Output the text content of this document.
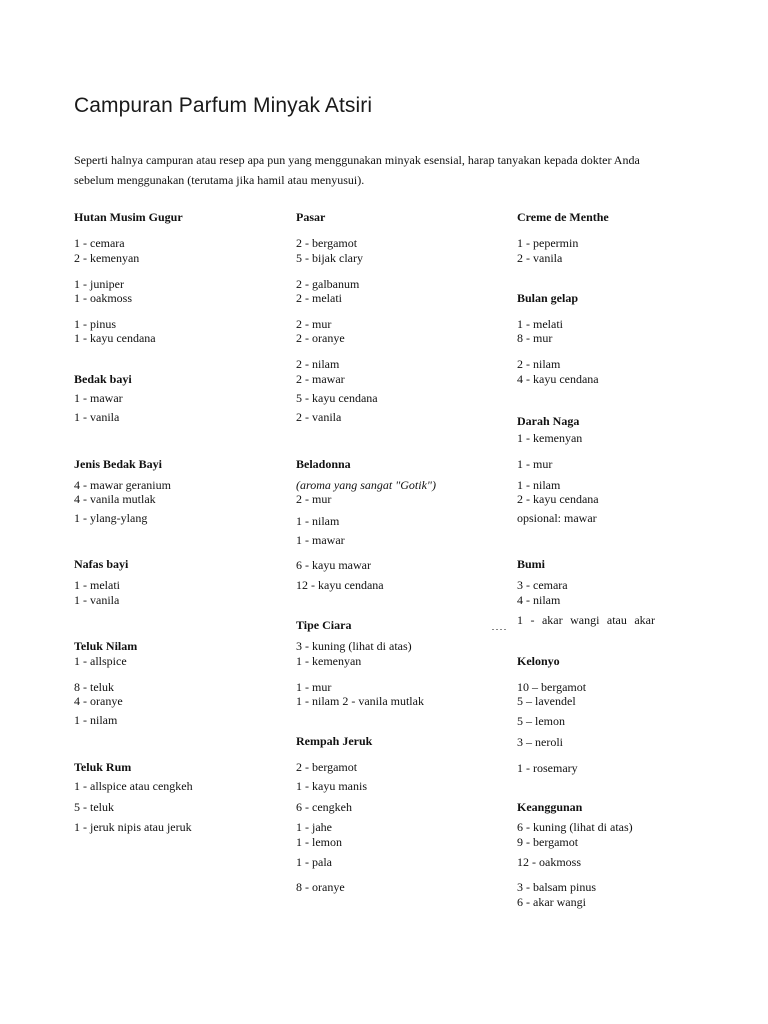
Campuran Parfum Minyak Atsiri

Seperti halnya campuran atau resep apa pun yang menggunakan minyak esensial, harap tanyakan kepada dokter Anda

sebelum menggunakan (terutama jika hamil atau menyusui).

Hutan Musim Gugur
1 - cemara
2 - kemenyan
1 - juniper
1 - oakmoss
1 - pinus
1 - kayu cendana
Bedak bayi
1 - mawar
1 - vanila
Jenis Bedak Bayi
4 - mawar geranium
4 - vanila mutlak
1 - ylang-ylang
Nafas bayi
1 - melati
1 - vanila
Teluk Nilam
1 - allspice
8 - teluk
4 - oranye
1 - nilam
Teluk Rum
1 - allspice atau cengkeh
5 - teluk
1 - jeruk nipis atau jeruk
Pasar
2 - bergamot
5 - bijak clary
2 - galbanum
2 - melati
2 - mur
2 - oranye
2 - nilam
2 - mawar
5 - kayu cendana
2 - vanila
Beladonna
(aroma yang sangat "Gotik")
2 - mur
1 - nilam
1 - mawar
6 - kayu mawar
12 - kayu cendana
Tipe Ciara
3 - kuning (lihat di atas)
1 - kemenyan
1 - mur
1 - nilam 2 - vanila mutlak
Rempah Jeruk
2 - bergamot
1 - kayu manis
6 - cengkeh
1 - jahe
1 - lemon
1 - pala
8 - oranye
Creme de Menthe
1 - pepermin
2 - vanila
Bulan gelap
1 - melati
8 - mur
2 - nilam
4 - kayu cendana
Darah Naga
1 - kemenyan
1 - mur
1 - nilam
2 - kayu cendana
opsional: mawar
Bumi
3 - cemara
4 - nilam
1 - akar wangi atau akar
Kelonyo
10 – bergamot
5 – lavendel
5 – lemon
3 – neroli
1 - rosemary
Keanggunan
6 - kuning (lihat di atas)
9 - bergamot
12 - oakmoss
3 - balsam pinus
6 - akar wangi
